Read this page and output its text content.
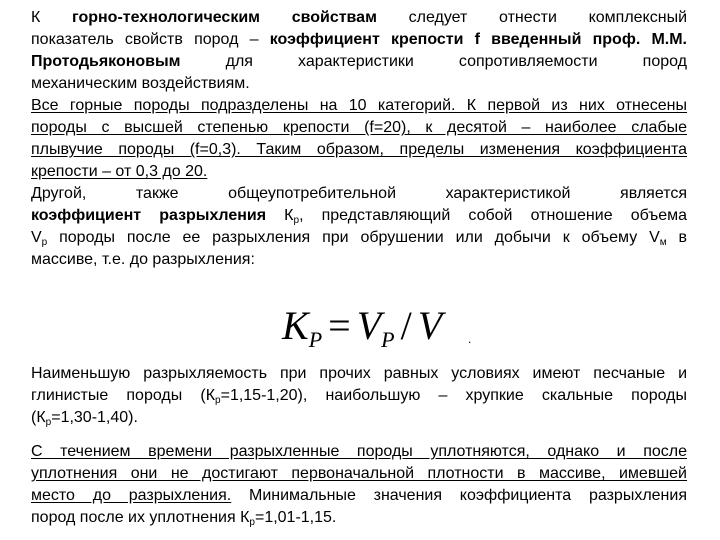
К горно-технологическим свойствам следует отнести комплексный
показатель свойств пород – коэффициент крепости f введенный проф. М.М.
Протодьяконовым для характеристики сопротивляемости пород
механическим воздействиям.
Все горные породы подразделены на 10 категорий. К первой из них отнесены
породы с высшей степенью крепости (f=20), к десятой – наиболее слабые
плывучие породы (f=0,3). Таким образом, пределы изменения коэффициента
крепости – от 0,3 до 20.
Другой, также общеупотребительной характеристикой является
коэффициент разрыхления $К_р$, представляющий собой отношение объема
$V_р$ породы после ее разрыхления при обрушении или добычи к объему $V_м$ в
массиве, т.е. до разрыхления:
$K_P = V_P / V$ .
Наименьшую разрыхляемость при прочих равных условиях имеют песчаные и
глинистые породы $(К_р=1,15-1,20)$, наибольшую – хрупкие скальные породы
$(К_р=1,30-1,40)$.
С течением времени разрыхленные породы уплотняются, однако и после
уплотнения они не достигают первоначальной плотности в массиве, имевшей
место до разрыхления. Минимальные значения коэффициента разрыхления
пород после их уплотнения $К_р=1,01-1,15$.
